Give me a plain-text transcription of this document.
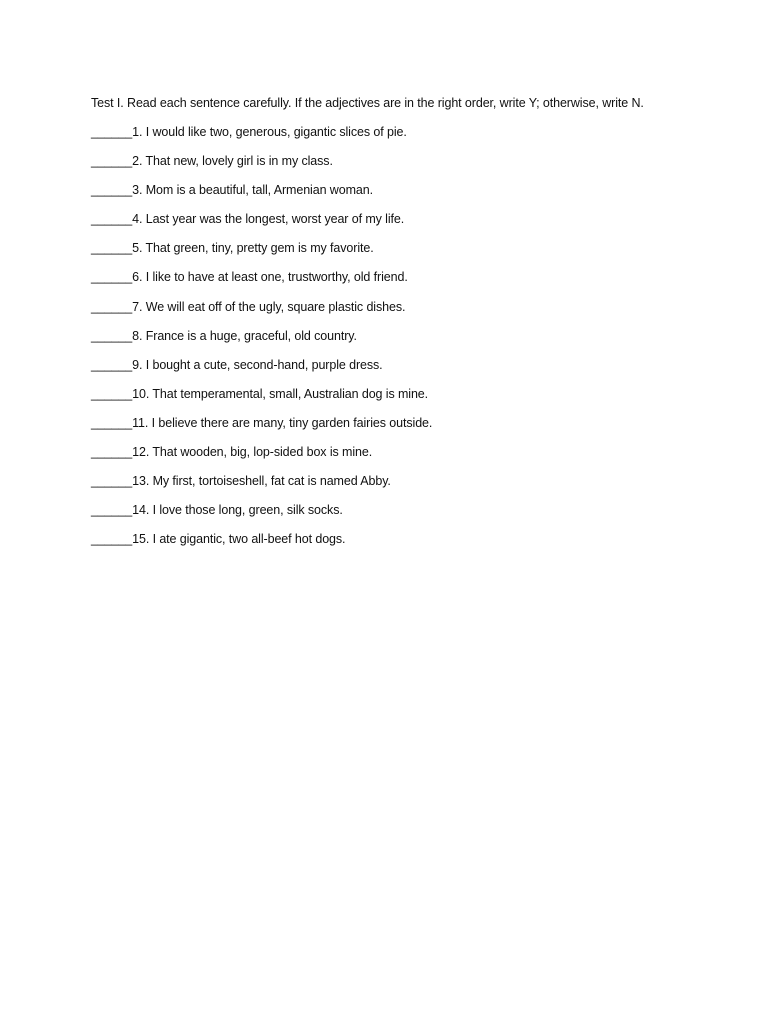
Test I. Read each sentence carefully. If the adjectives are in the right order, write Y; otherwise, write N.
______1. I would like two, generous, gigantic slices of pie.
______2. That new, lovely girl is in my class.
______3. Mom is a beautiful, tall, Armenian woman.
______4. Last year was the longest, worst year of my life.
______5. That green, tiny, pretty gem is my favorite.
______6. I like to have at least one, trustworthy, old friend.
______7. We will eat off of the ugly, square plastic dishes.
______8. France is a huge, graceful, old country.
______9. I bought a cute, second-hand, purple dress.
______10. That temperamental, small, Australian dog is mine.
______11. I believe there are many, tiny garden fairies outside.
______12. That wooden, big, lop-sided box is mine.
______13. My first, tortoiseshell, fat cat is named Abby.
______14. I love those long, green, silk socks.
______15. I ate gigantic, two all-beef hot dogs.
